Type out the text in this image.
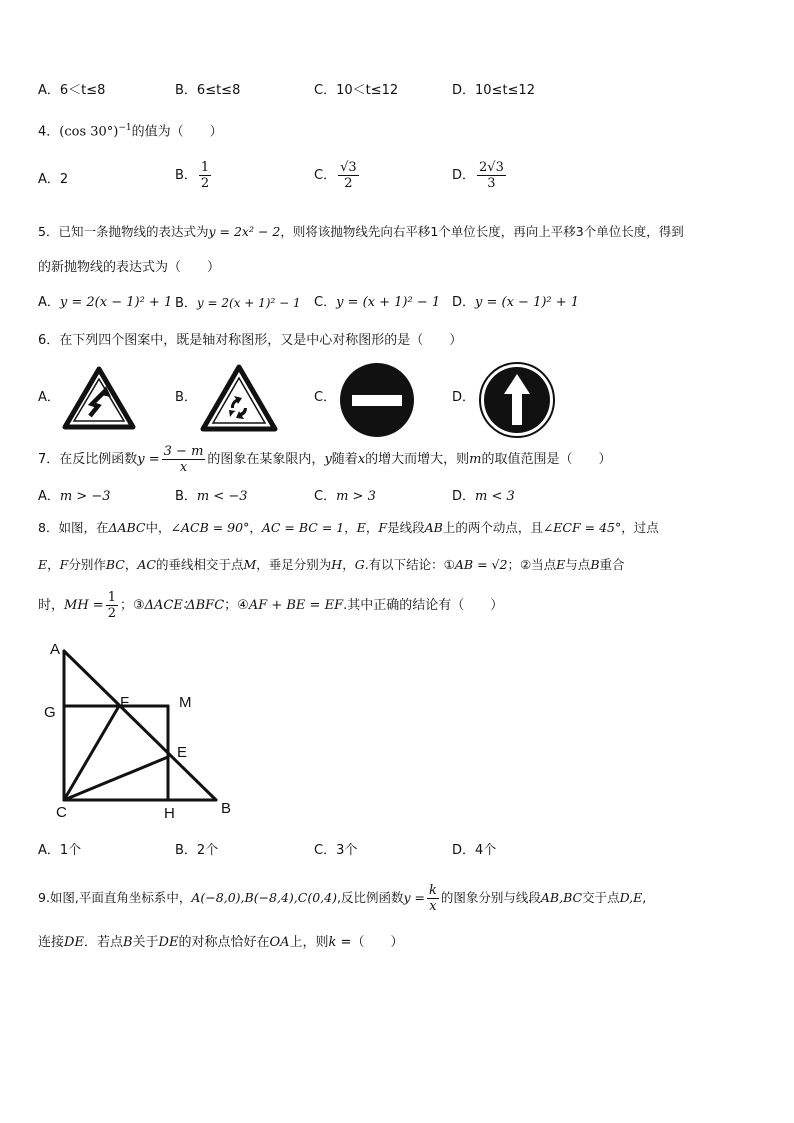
A．6＜t≤8	B．6≤t≤8	C．10＜t≤12	D．10≤t≤12
4．(cos 30°)$^{-1}$的值为（　　）
A．2	B． $\frac{1}{2}$	C． $\frac{√3}{2}$	D． $\frac{2√3}{3}$
5．已知一条抛物线的表达式为y = 2x² − 2，则将该抛物线先向右平移1个单位长度，再向上平移3个单位长度，得到
的新抛物线的表达式为（　　）
A．y = 2(x − 1)² + 1 B．y = 2(x + 1)² − 1 C．y = (x + 1)² − 1 D．y = (x − 1)² + 1
6．在下列四个图案中，既是轴对称图形，又是中心对称图形的是（　　）
A．	B．	C．	D．
7．在反比例函数$y = \frac{3 - m}{x}$ 的图象在某象限内，y随着x的增大而增大，则m的取值范围是（　　）
A．m > −3	B．m < −3	C．m > 3	D．m < 3
8．如图，在ΔABC中，∠ACB = 90°，AC = BC = 1，E，F是线段AB上的两个动点，且∠ECF = 45°，过点
E，F分别作BC，AC的垂线相交于点M，垂足分别为H，G.有以下结论：①AB = √2；②当点E与点B重合
时，MH = $\frac{1}{2}$ ；③ΔACE∶ΔBFC；④AF + BE = EF.其中正确的结论有（　　）
A
G
F	M
E
C	H	B
A．1个	B．2个	C．3个	D．4个
9.如图,平面直角坐标系中，A(−8,0),B(−8,4),C(0,4),反比例函数$y = \frac{k}{x}$ 的图象分别与线段AB,BC交于点D,E,
连接DE．若点B关于DE的对称点恰好在OA上，则k =（　　）
